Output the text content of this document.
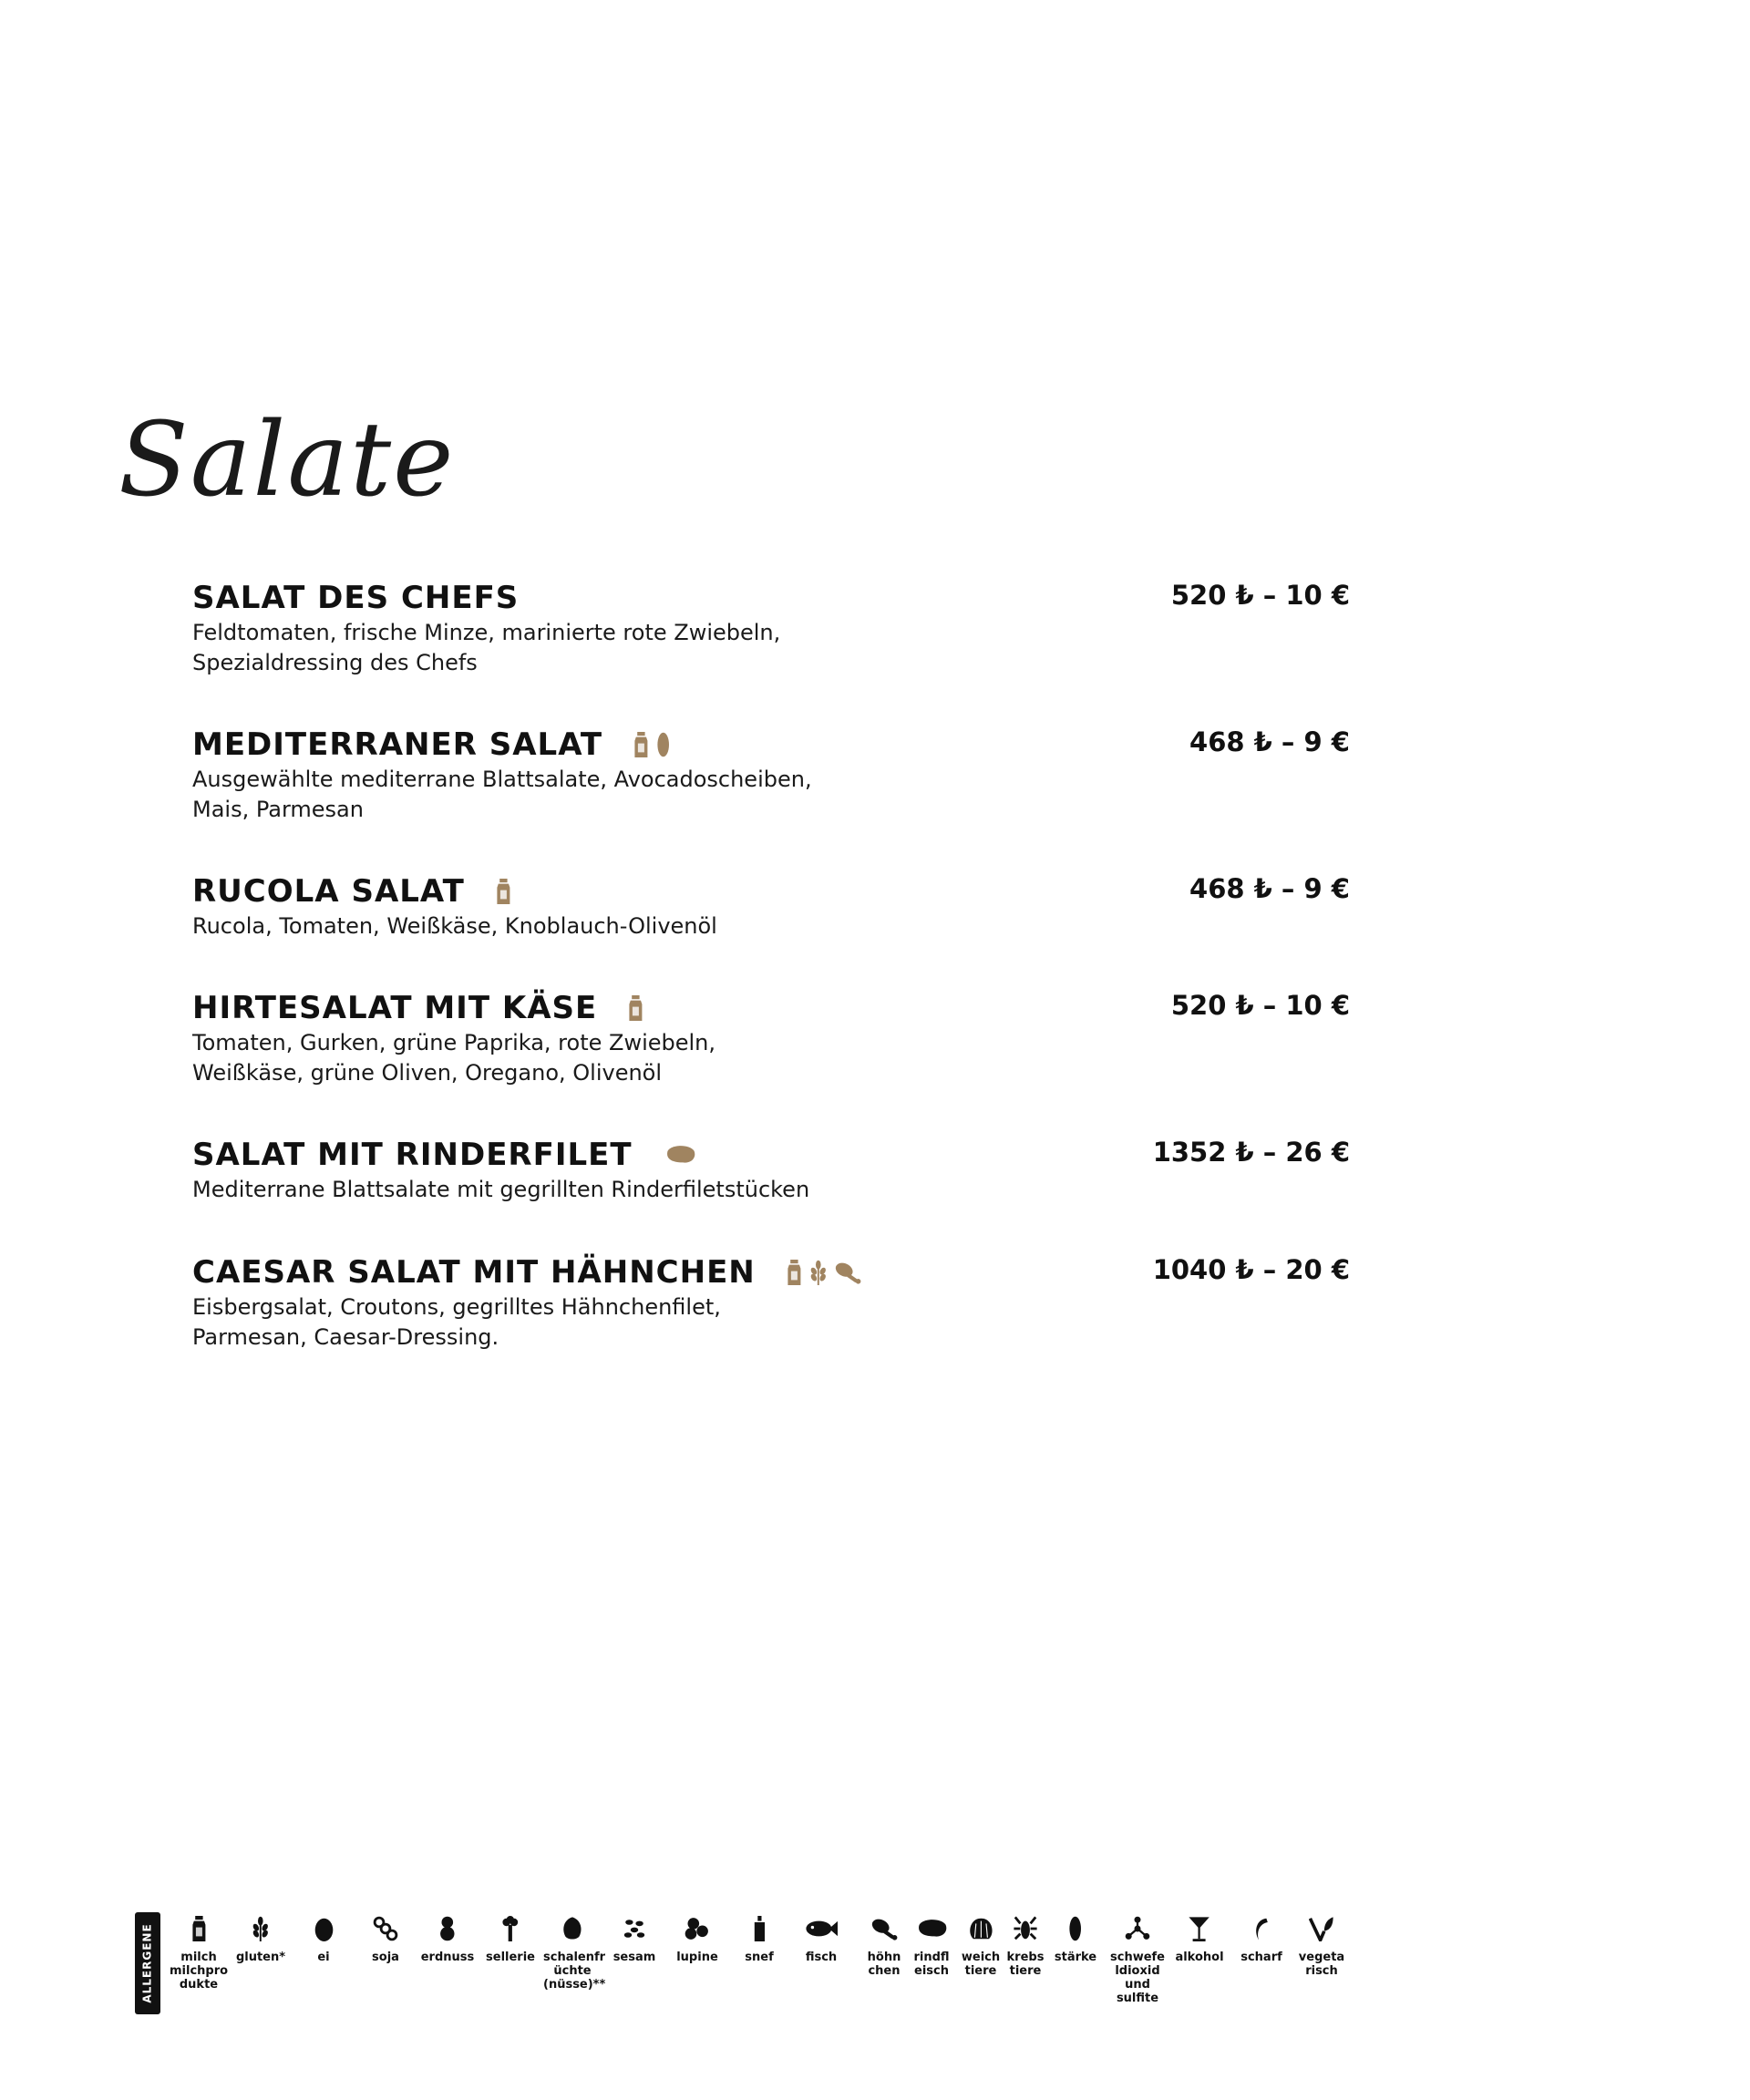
Salate
SALAT DES CHEFS	520 ₺ – 10 €
Feldtomaten, frische Minze, marinierte rote Zwiebeln,
Spezialdressing des Chefs
MEDITERRANER SALAT	468 ₺ – 9 €
Ausgewählte mediterrane Blattsalate, Avocadoscheiben,
Mais, Parmesan
RUCOLA SALAT	468 ₺ – 9 €
Rucola, Tomaten, Weißkäse, Knoblauch-Olivenöl
HIRTESALAT MIT KÄSE	520 ₺ – 10 €
Tomaten, Gurken, grüne Paprika, rote Zwiebeln,
Weißkäse, grüne Oliven, Oregano, Olivenöl
SALAT MIT RINDERFILET	1352 ₺ – 26 €
Mediterrane Blattsalate mit gegrillten Rinderfiletstücken
CAESAR SALAT MIT HÄHNCHEN	1040 ₺ – 20 €
Eisbergsalat, Croutons, gegrilltes Hähnchenfilet,
Parmesan, Caesar-Dressing.
ALLERGENE	milch
milchpro
dukte
gluten*	ei	soja	erdnuss sellerie schalenfr
üchte
(nüsse)**
sesam	lupine	snef	fisch	höhn
chen
rindfl
eisch
weich
tiere
krebs
tiere
stärke	schwefe
ldioxid
und
sulfite
alkohol	scharf	vegeta
risch
